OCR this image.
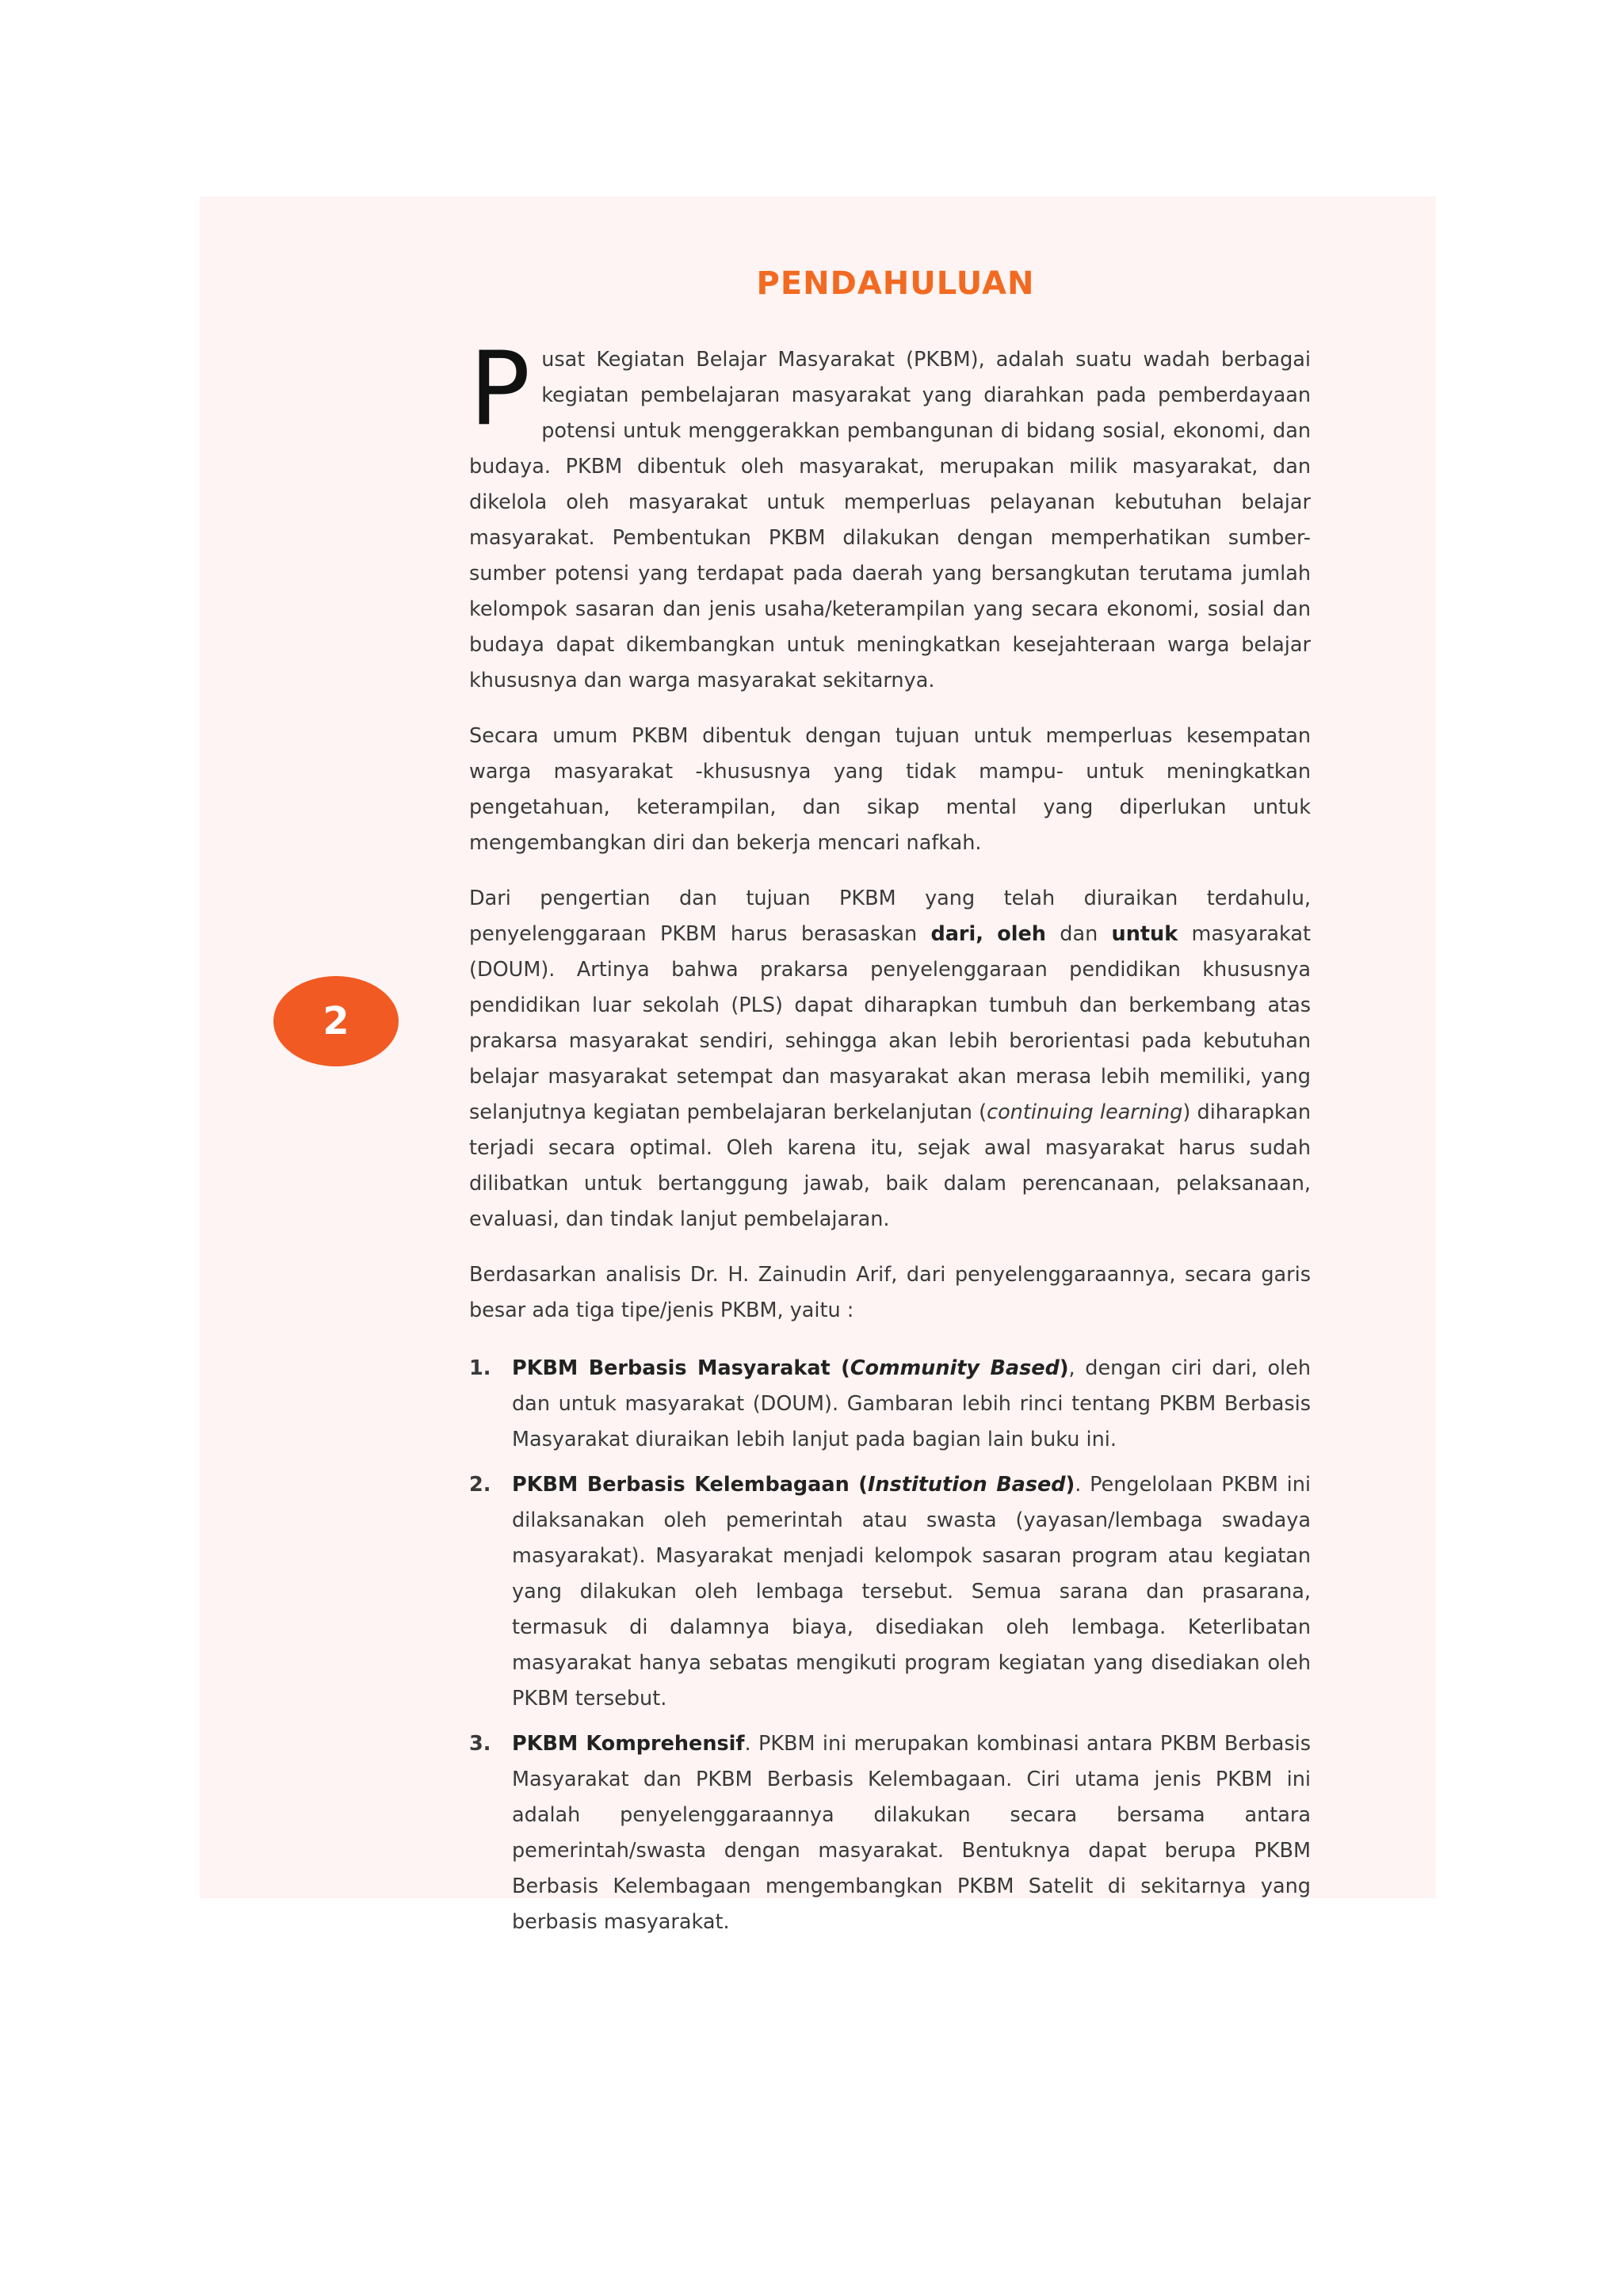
PENDAHULUAN
2

Pusat Kegiatan Belajar Masyarakat (PKBM), adalah suatu wadah berbagai kegiatan pembelajaran masyarakat yang diarahkan pada pemberdayaan potensi untuk menggerakkan pembangunan di bidang sosial, ekonomi, dan budaya. PKBM dibentuk oleh masyarakat, merupakan milik masyarakat, dan dikelola oleh masyarakat untuk memperluas pelayanan kebutuhan belajar masyarakat. Pembentukan PKBM dilakukan dengan memperhatikan sumber-sumber potensi yang terdapat pada daerah yang bersangkutan terutama jumlah kelompok sasaran dan jenis usaha/keterampilan yang secara ekonomi, sosial dan budaya dapat dikembangkan untuk meningkatkan kesejahteraan warga belajar khususnya dan warga masyarakat sekitarnya.

Secara umum PKBM dibentuk dengan tujuan untuk memperluas kesempatan warga masyarakat -khususnya yang tidak mampu- untuk meningkatkan pengetahuan, keterampilan, dan sikap mental yang diperlukan untuk mengembangkan diri dan bekerja mencari nafkah.

Dari pengertian dan tujuan PKBM yang telah diuraikan terdahulu, penyelenggaraan PKBM harus berasaskan dari, oleh dan untuk masyarakat (DOUM). Artinya bahwa prakarsa penyelenggaraan pendidikan khususnya pendidikan luar sekolah (PLS) dapat diharapkan tumbuh dan berkembang atas prakarsa masyarakat sendiri, sehingga akan lebih berorientasi pada kebutuhan belajar masyarakat setempat dan masyarakat akan merasa lebih memiliki, yang selanjutnya kegiatan pembelajaran berkelanjutan (continuing learning) diharapkan terjadi secara optimal. Oleh karena itu, sejak awal masyarakat harus sudah dilibatkan untuk bertanggung jawab, baik dalam perencanaan, pelaksanaan, evaluasi, dan tindak lanjut pembelajaran.

Berdasarkan analisis Dr. H. Zainudin Arif, dari penyelenggaraannya, secara garis besar ada tiga tipe/jenis PKBM, yaitu :

1. PKBM Berbasis Masyarakat (Community Based), dengan ciri dari, oleh dan untuk masyarakat (DOUM). Gambaran lebih rinci tentang PKBM Berbasis Masyarakat diuraikan lebih lanjut pada bagian lain buku ini.
2. PKBM Berbasis Kelembagaan (Institution Based). Pengelolaan PKBM ini dilaksanakan oleh pemerintah atau swasta (yayasan/lembaga swadaya masyarakat). Masyarakat menjadi kelompok sasaran program atau kegiatan yang dilakukan oleh lembaga tersebut. Semua sarana dan prasarana, termasuk di dalamnya biaya, disediakan oleh lembaga. Keterlibatan masyarakat hanya sebatas mengikuti program kegiatan yang disediakan oleh PKBM tersebut.
3. PKBM Komprehensif. PKBM ini merupakan kombinasi antara PKBM Berbasis Masyarakat dan PKBM Berbasis Kelembagaan. Ciri utama jenis PKBM ini adalah penyelenggaraannya dilakukan secara bersama antara pemerintah/swasta dengan masyarakat. Bentuknya dapat berupa PKBM Berbasis Kelembagaan mengembangkan PKBM Satelit di sekitarnya yang berbasis masyarakat.
